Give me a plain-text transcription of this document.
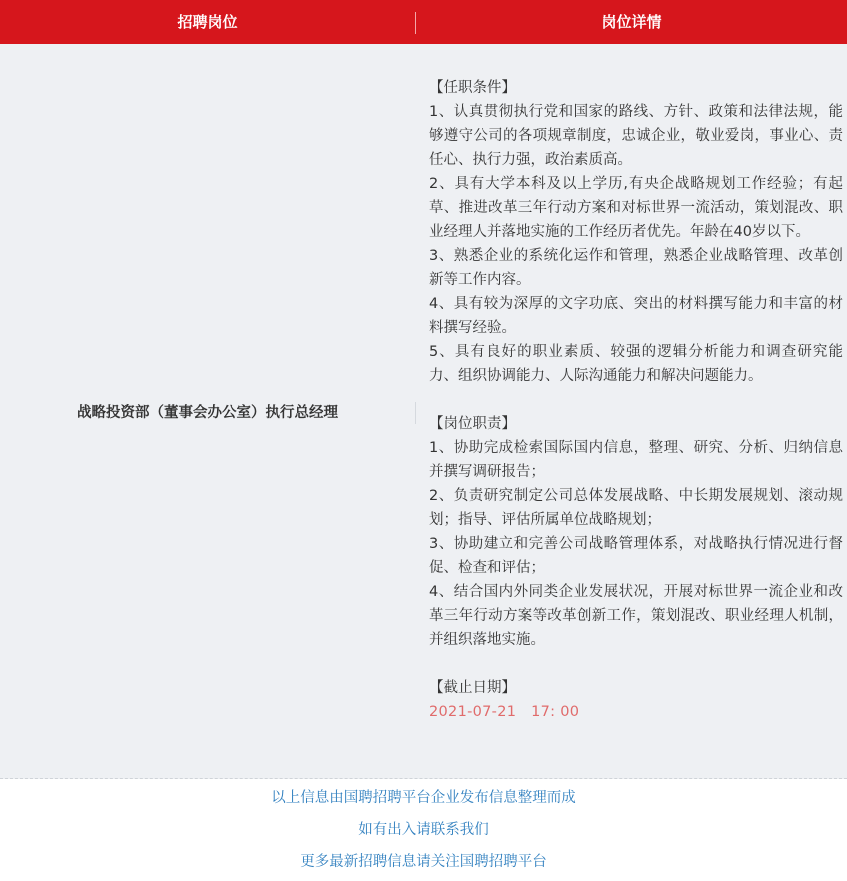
招聘岗位	岗位详情
战略投资部（董事会办公室）执行总经理
【任职条件】
1、认真贯彻执行党和国家的路线、方针、政策和法律法规，能够遵守公司的各项规章制度，忠诚企业，敬业爱岗，事业心、责任心、执行力强，政治素质高。
2、具有大学本科及以上学历,有央企战略规划工作经验；有起草、推进改革三年行动方案和对标世界一流活动，策划混改、职业经理人并落地实施的工作经历者优先。年龄在40岁以下。
3、熟悉企业的系统化运作和管理，熟悉企业战略管理、改革创新等工作内容。
4、具有较为深厚的文字功底、突出的材料撰写能力和丰富的材料撰写经验。
5、具有良好的职业素质、较强的逻辑分析能力和调查研究能力、组织协调能力、人际沟通能力和解决问题能力。
【岗位职责】
1、协助完成检索国际国内信息，整理、研究、分析、归纳信息并撰写调研报告；
2、负责研究制定公司总体发展战略、中长期发展规划、滚动规划；指导、评估所属单位战略规划；
3、协助建立和完善公司战略管理体系，对战略执行情况进行督促、检查和评估；
4、结合国内外同类企业发展状况，开展对标世界一流企业和改革三年行动方案等改革创新工作，策划混改、职业经理人机制，并组织落地实施。
【截止日期】
2021-07-21　17: 00
以上信息由国聘招聘平台企业发布信息整理而成
如有出入请联系我们
更多最新招聘信息请关注国聘招聘平台
